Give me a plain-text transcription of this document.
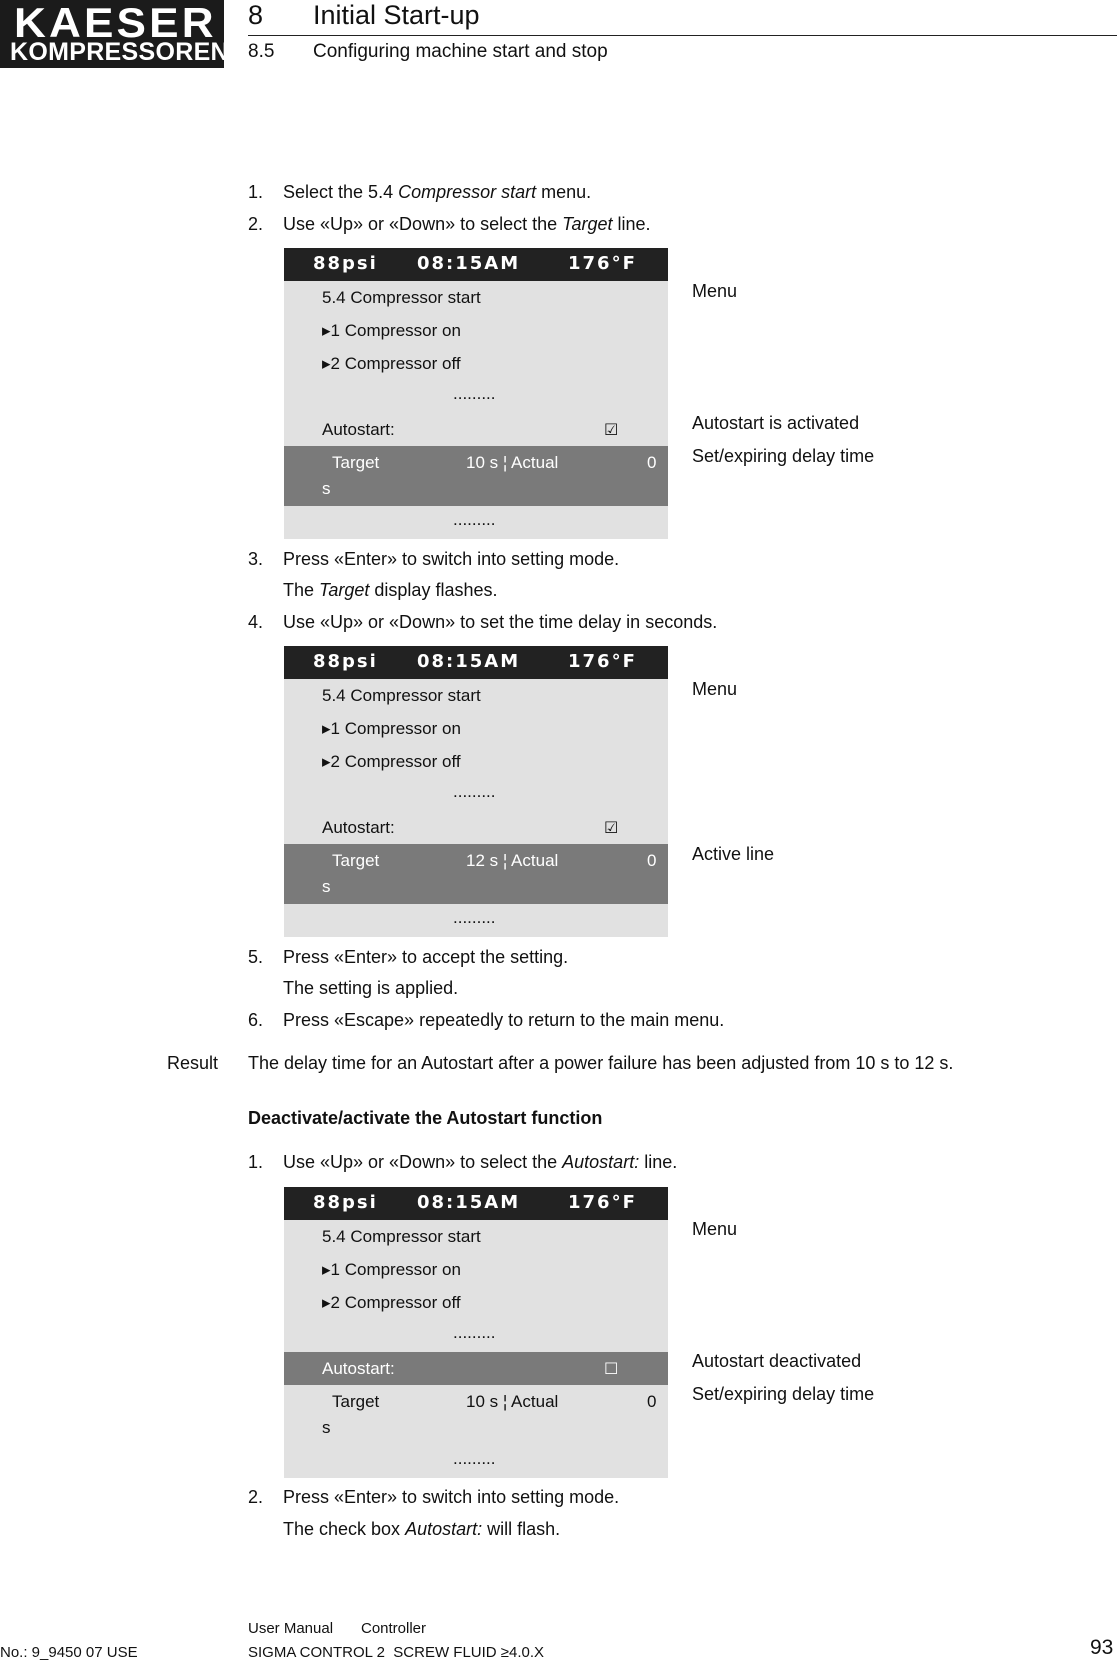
KAESER
KOMPRESSOREN
8 Initial Start-up
8.5 Configuring machine start and stop
1. Select the 5.4 Compressor start menu.
2. Use «Up» or «Down» to select the Target line.
88psi 08:15AM	176°F
5.4 Compressor start
▸1 Compressor on
▸2 Compressor off
.........
Autostart:	☑
Target	10 s ¦ Actual	0
s
.........
Menu
Autostart is activated
Set/expiring delay time
3. Press «Enter» to switch into setting mode.
The Target display flashes.
4. Use «Up» or «Down» to set the time delay in seconds.
88psi 08:15AM	176°F
5.4 Compressor start
▸1 Compressor on
▸2 Compressor off
.........
Autostart:	☑
Target	12 s ¦ Actual	0
s
.........
Menu
Active line
5. Press «Enter» to accept the setting.
The setting is applied.
6. Press «Escape» repeatedly to return to the main menu.
Result The delay time for an Autostart after a power failure has been adjusted from 10 s to 12 s.
Deactivate/activate the Autostart function
1. Use «Up» or «Down» to select the Autostart: line.
88psi 08:15AM	176°F
5.4 Compressor start
▸1 Compressor on
▸2 Compressor off
.........
Autostart:	☐
Target	10 s ¦ Actual	0
s
.........
Menu
Autostart deactivated
Set/expiring delay time
2. Press «Enter» to switch into setting mode.
The check box Autostart: will flash.
User Manual Controller
No.: 9_9450 07 USE	SIGMA CONTROL 2  SCREW FLUID ≥4.0.X	93
